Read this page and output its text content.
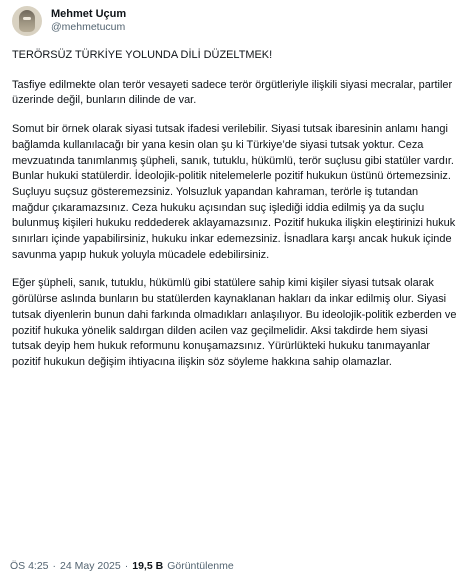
Mehmet Uçum
@mehmetucum

TERÖRSÜZ TÜRKİYE YOLUNDA DİLİ DÜZELTMEK!

Tasfiye edilmekte olan terör vesayeti sadece terör örgütleriyle ilişkili siyasi mecralar, partiler üzerinde değil, bunların dilinde de var.

Somut bir örnek olarak siyasi tutsak ifadesi verilebilir. Siyasi tutsak ibaresinin anlamı hangi bağlamda kullanılacağı bir yana kesin olan şu ki Türkiye’de siyasi tutsak yoktur. Ceza mevzuatında tanımlanmış şüpheli, sanık, tutuklu, hükümlü, terör suçlusu gibi statüler vardır. Bunlar hukuki statülerdir. İdeolojik-politik nitelemelerle pozitif hukukun üstünü örtemezsiniz. Suçluyu suçsuz gösteremezsiniz. Yolsuzluk yapandan kahraman, terörle iş tutandan mağdur çıkaramazsınız. Ceza hukuku açısından suç işlediği iddia edilmiş ya da suçlu bulunmuş kişileri hukuku reddederek aklayamazsınız. Pozitif hukuka ilişkin eleştirinizi hukuk sınırları içinde yapabilirsiniz, hukuku inkar edemezsiniz. İsnadlara karşı ancak hukuk içinde savunma yapıp hukuk yoluyla mücadele edebilirsiniz.

Eğer şüpheli, sanık, tutuklu, hükümlü gibi statülere sahip kimi kişiler siyasi tutsak olarak görülürse aslında bunların bu statülerden kaynaklanan hakları da inkar edilmiş olur. Siyasi tutsak diyenlerin bunun dahi farkında olmadıkları anlaşılıyor. Bu ideolojik-politik ezberden ve pozitif hukuka yönelik saldırgan dilden acilen vaz geçilmelidir. Aksi takdirde hem siyasi tutsak deyip hem hukuk reformunu konuşamazsınız. Yürürlükteki hukuku tanımayanlar pozitif hukukun değişim ihtiyacına ilişkin söz söyleme hakkına sahip olamazlar.

ÖS 4:25 · 24 May 2025 · 19,5 B Görüntülenme
